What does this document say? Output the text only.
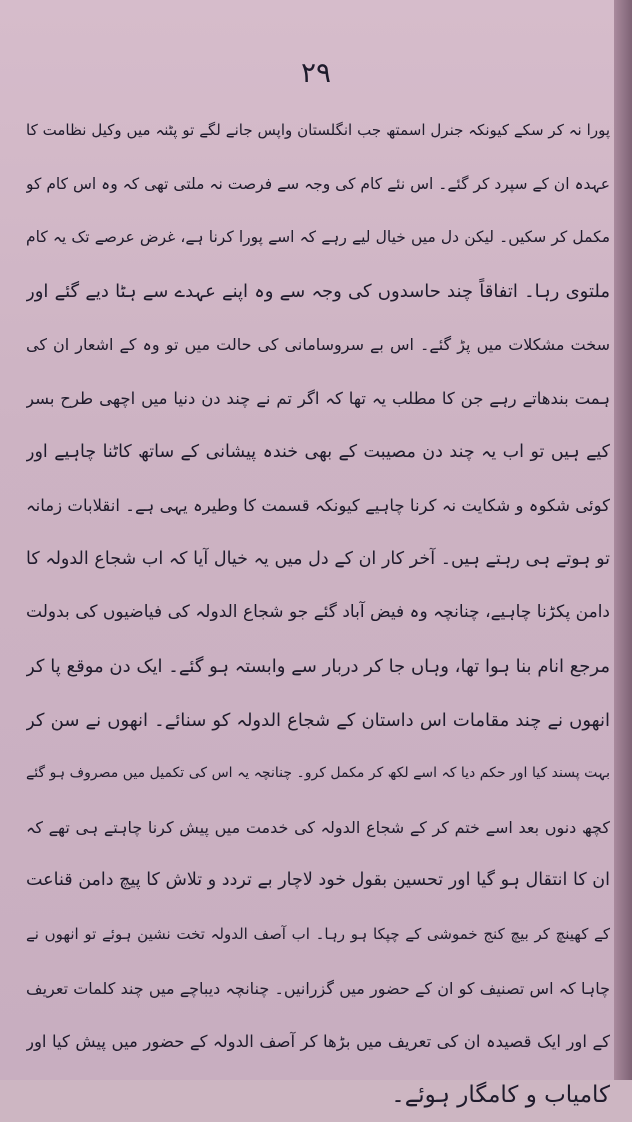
۲۹
پورا نہ کر سکے کیونکہ جنرل اسمتھ جب انگلستان واپس جانے لگے تو پٹنہ میں وکیل نظامت کا
عہدہ ان کے سپرد کر گئے۔ اس نئے کام کی وجہ سے فرصت نہ ملتی تھی کہ وہ اس کام کو
مکمل کر سکیں۔ لیکن دل میں خیال لیے رہے کہ اسے پورا کرنا ہے، غرض عرصے تک یہ کام
ملتوی رہا۔ اتفاقاً چند حاسدوں کی وجہ سے وہ اپنے عہدے سے ہٹا دیے گئے اور
سخت مشکلات میں پڑ گئے۔ اس بے سروسامانی کی حالت میں تو وہ کے اشعار ان کی
ہمت بندھاتے رہے جن کا مطلب یہ تھا کہ اگر تم نے چند دن دنیا میں اچھی طرح بسر
کیے ہیں تو اب یہ چند دن مصیبت کے بھی خندہ پیشانی کے ساتھ کاٹنا چاہیے اور
کوئی شکوہ و شکایت نہ کرنا چاہیے کیونکہ قسمت کا وطیرہ یہی ہے۔ انقلابات زمانہ
تو ہوتے ہی رہتے ہیں۔ آخر کار ان کے دل میں یہ خیال آیا کہ اب شجاع الدولہ کا
دامن پکڑنا چاہیے، چنانچہ وہ فیض آباد گئے جو شجاع الدولہ کی فیاضیوں کی بدولت
مرجع انام بنا ہوا تھا، وہاں جا کر دربار سے وابستہ ہو گئے۔ ایک دن موقع پا کر
انھوں نے چند مقامات اس داستان کے شجاع الدولہ کو سنائے۔ انھوں نے سن کر
بہت پسند کیا اور حکم دیا کہ اسے لکھ کر مکمل کرو۔ چنانچہ یہ اس کی تکمیل میں مصروف ہو گئے
کچھ دنوں بعد اسے ختم کر کے شجاع الدولہ کی خدمت میں پیش کرنا چاہتے ہی تھے کہ
ان کا انتقال ہو گیا اور تحسین بقول خود لاچار بے تردد و تلاش کا پیچ دامن قناعت
کے کھینچ کر بیچ کنج خموشی کے چپکا ہو رہا۔ اب آصف الدولہ تخت نشین ہوئے تو انھوں نے
چاہا کہ اس تصنیف کو ان کے حضور میں گزرانیں۔ چنانچہ دیباچے میں چند کلمات تعریف
کے اور ایک قصیدہ ان کی تعریف میں بڑھا کر آصف الدولہ کے حضور میں پیش کیا اور
کامیاب و کامگار ہوئے۔
